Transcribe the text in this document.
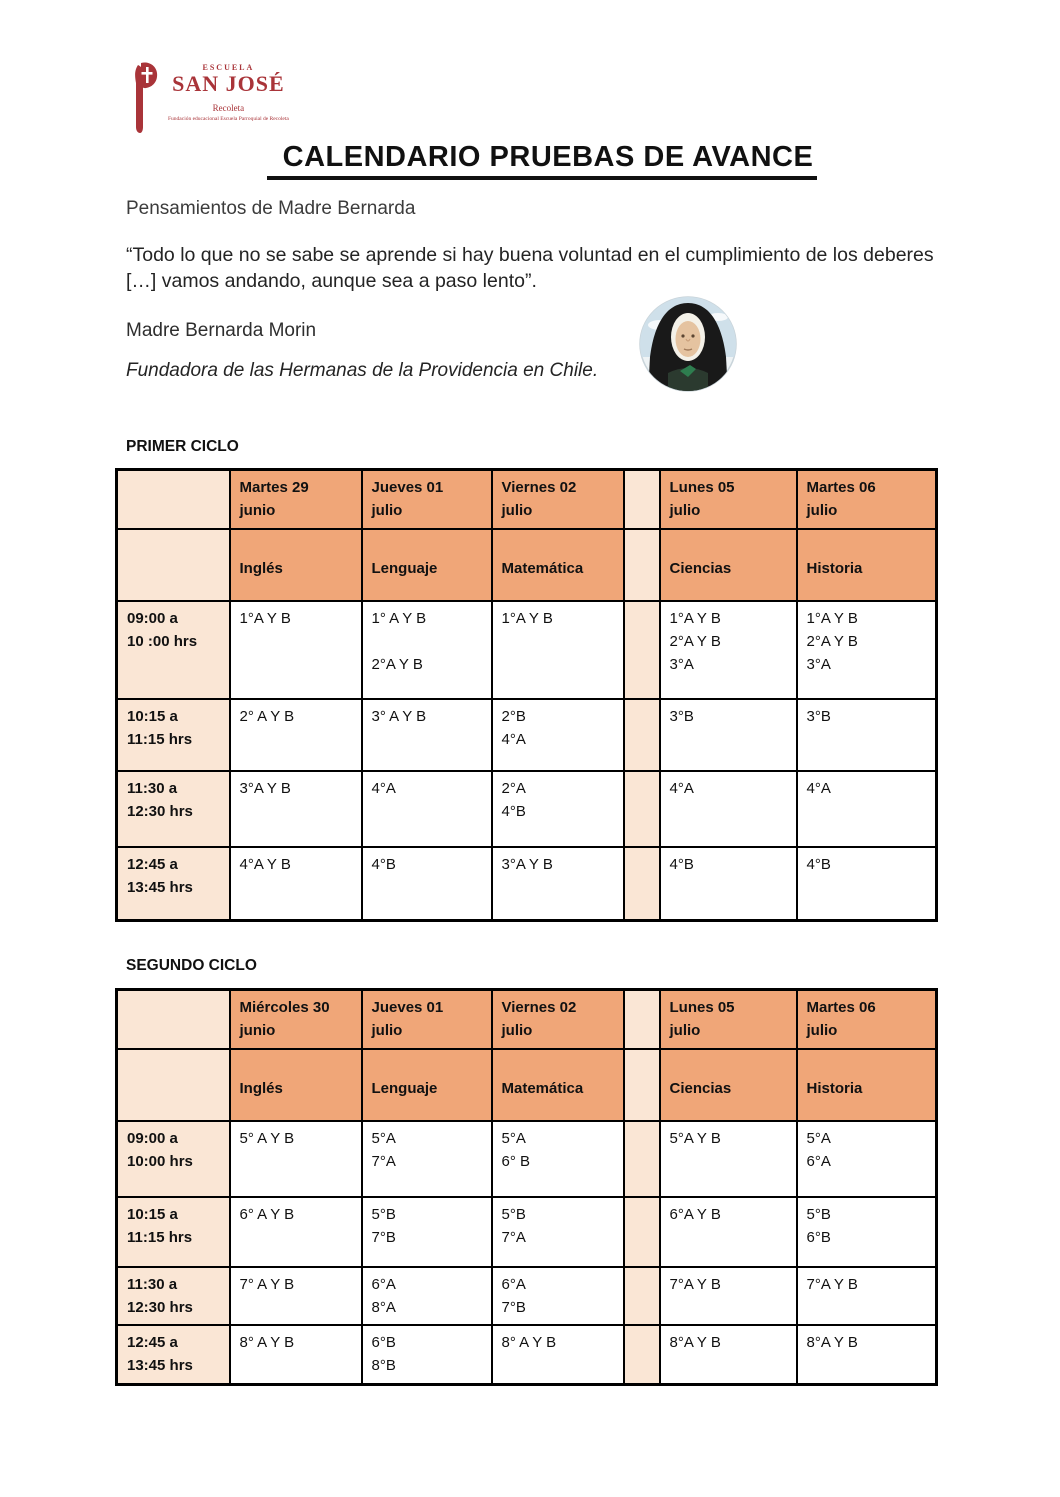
ESCUELA
SAN JOSÉ
Recoleta
Fundación educacional Escuela Parroquial de Recoleta
CALENDARIO PRUEBAS DE AVANCE
Pensamientos de Madre Bernarda
“Todo lo que no se sabe se aprende si hay buena voluntad en el cumplimiento de los deberes […] vamos andando, aunque sea a paso lento”.
Madre Bernarda Morin
Fundadora de las Hermanas de la Providencia en Chile.
PRIMER CICLO
SEGUNDO CICLO
	Martes 29
junio	Jueves 01
julio	Viernes 02
julio		Lunes 05
julio	Martes 06
julio
	Inglés	Lenguaje	Matemática		Ciencias	Historia
09:00 a
10 :00 hrs	1°A Y B	1° A Y B

2°A Y B	1°A Y B		1°A Y B
2°A Y B
3°A	1°A Y B
2°A Y B
3°A
10:15 a
11:15 hrs	2° A Y B	3° A Y B	2°B
4°A		3°B	3°B
11:30 a
12:30 hrs	3°A Y B	4°A	2°A
4°B		4°A	4°A
12:45 a
13:45 hrs	4°A Y B	4°B	3°A Y B		4°B	4°B
	Miércoles 30
junio	Jueves 01
julio	Viernes 02
julio		Lunes 05
julio	Martes 06
julio
	Inglés	Lenguaje	Matemática		Ciencias	Historia
09:00 a
10:00 hrs	5° A Y B	5°A
7°A	5°A
6° B		5°A Y B	5°A
6°A
10:15 a
11:15 hrs	6° A Y B	5°B
7°B	5°B
7°A		6°A Y B	5°B
6°B
11:30 a
12:30 hrs	7° A Y B	6°A
8°A	6°A
7°B		7°A Y B	7°A Y B
12:45 a
13:45 hrs	8° A Y B	6°B
8°B	8° A Y B		8°A Y B	8°A Y B
